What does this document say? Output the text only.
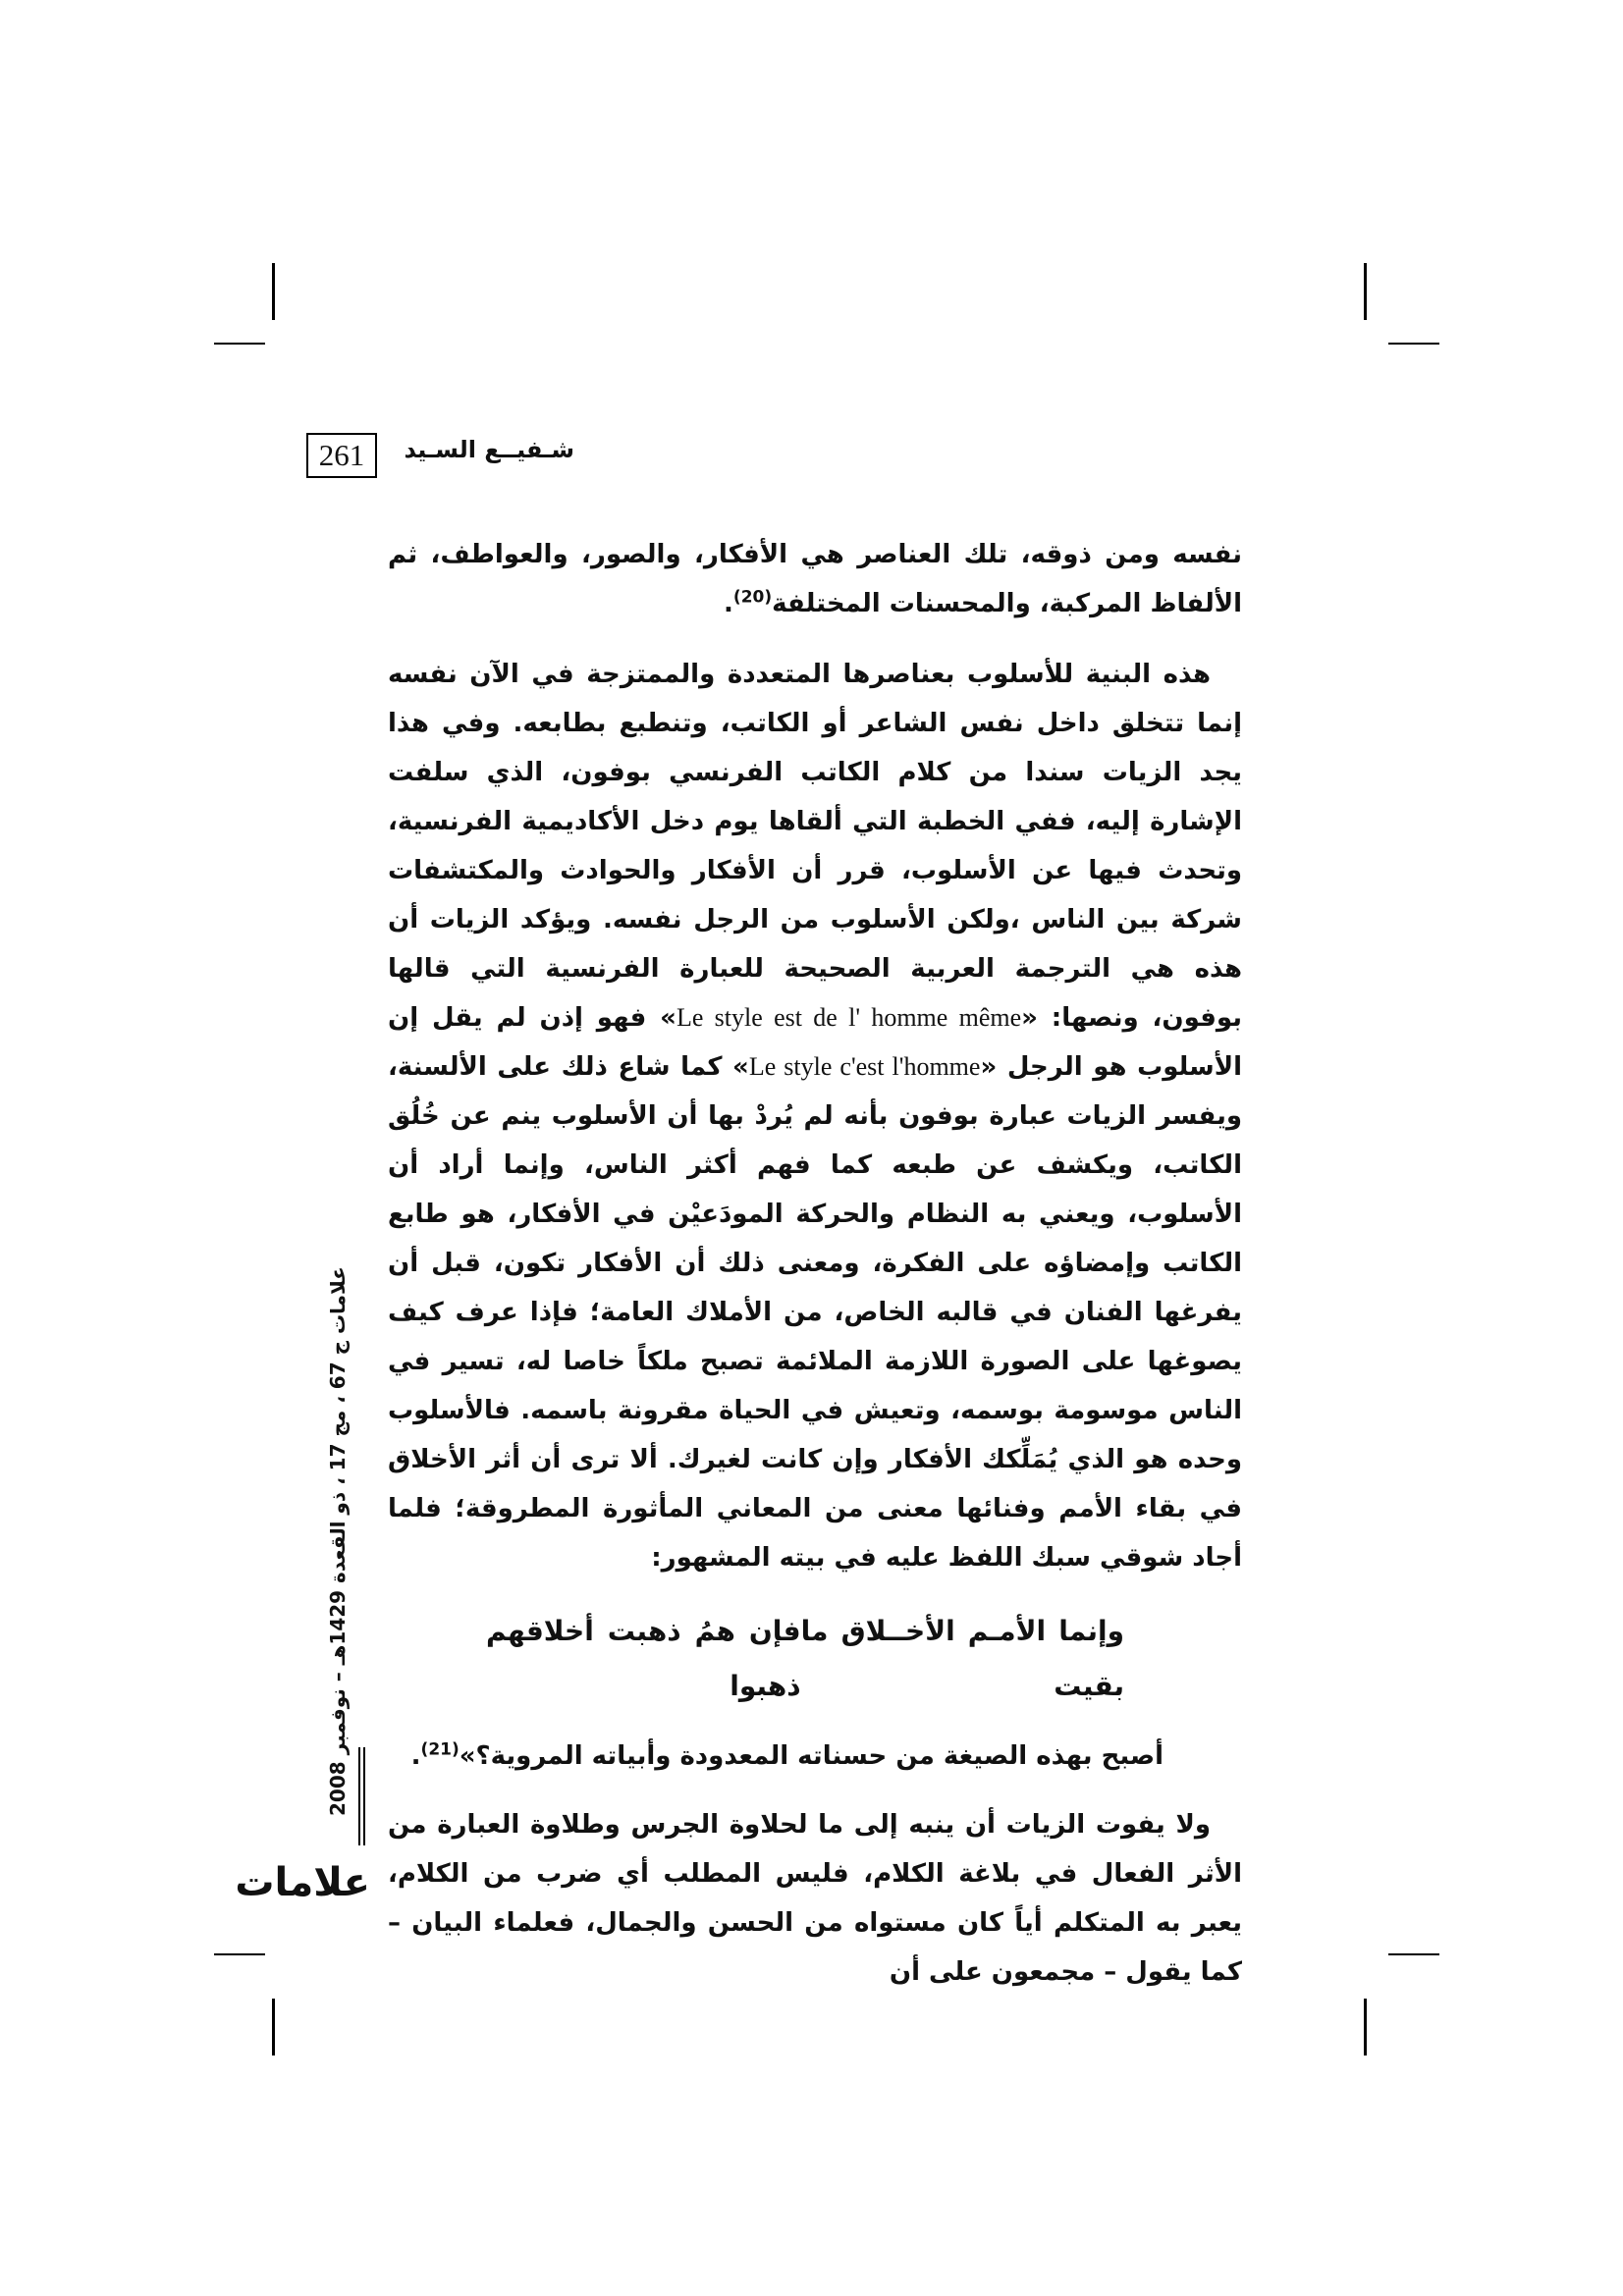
261	شـفيــع السـيد

نفسه ومن ذوقه، تلك العناصر هي الأفكار، والصور، والعواطف، ثم الألفاظ المركبة، والمحسنات المختلفة$^{(20)}$.

هذه البنية للأسلوب بعناصرها المتعددة والممتزجة في الآن نفسه إنما تتخلق داخل نفس الشاعر أو الكاتب، وتنطبع بطابعه. وفي هذا يجد الزيات سندا من كلام الكاتب الفرنسي بوفون، الذي سلفت الإشارة إليه، ففي الخطبة التي ألقاها يوم دخل الأكاديمية الفرنسية، وتحدث فيها عن الأسلوب، قرر أن الأفكار والحوادث والمكتشفات شركة بين الناس ،ولكن الأسلوب من الرجل نفسه. ويؤكد الزيات أن هذه هي الترجمة العربية الصحيحة للعبارة الفرنسية التي قالها بوفون، ونصها: «Le style est de l' homme même» فهو إذن لم يقل إن الأسلوب هو الرجل «Le style c'est l'homme» كما شاع ذلك على الألسنة، ويفسر الزيات عبارة بوفون بأنه لم يُردْ بها أن الأسلوب ينم عن خُلُق الكاتب، ويكشف عن طبعه كما فهم أكثر الناس، وإنما أراد أن الأسلوب، ويعني به النظام والحركة المودَعيْن في الأفكار، هو طابع الكاتب وإمضاؤه على الفكرة، ومعنى ذلك أن الأفكار تكون، قبل أن يفرغها الفنان في قالبه الخاص، من الأملاك العامة؛ فإذا عرف كيف يصوغها على الصورة اللازمة الملائمة تصبح ملكاً خاصا له، تسير في الناس موسومة بوسمه، وتعيش في الحياة مقرونة باسمه. فالأسلوب وحده هو الذي يُمَلِّكك الأفكار وإن كانت لغيرك. ألا ترى أن أثر الأخلاق في بقاء الأمم وفنائها معنى من المعاني المأثورة المطروقة؛ فلما أجاد شوقي سبك اللفظ عليه في بيته المشهور:

وإنما الأمـم الأخــلاق ما بقيت
فإن همُ ذهبت أخلاقهم ذهبوا
أصبح بهذه الصيغة من حسناته المعدودة وأبياته المروية؟»$^{(21)}$.

ولا يفوت الزيات أن ينبه إلى ما لحلاوة الجرس وطلاوة العبارة من الأثر الفعال في بلاغة الكلام، فليس المطلب أي ضرب من الكلام، يعبر به المتكلم أياً كان مستواه من الحسن والجمال، فعلماء البيان – كما يقول – مجمعون على أن

علامات ج 67 ، مج 17 ، ذو القعدة 1429هـ – نوفمبر 2008
علامات
